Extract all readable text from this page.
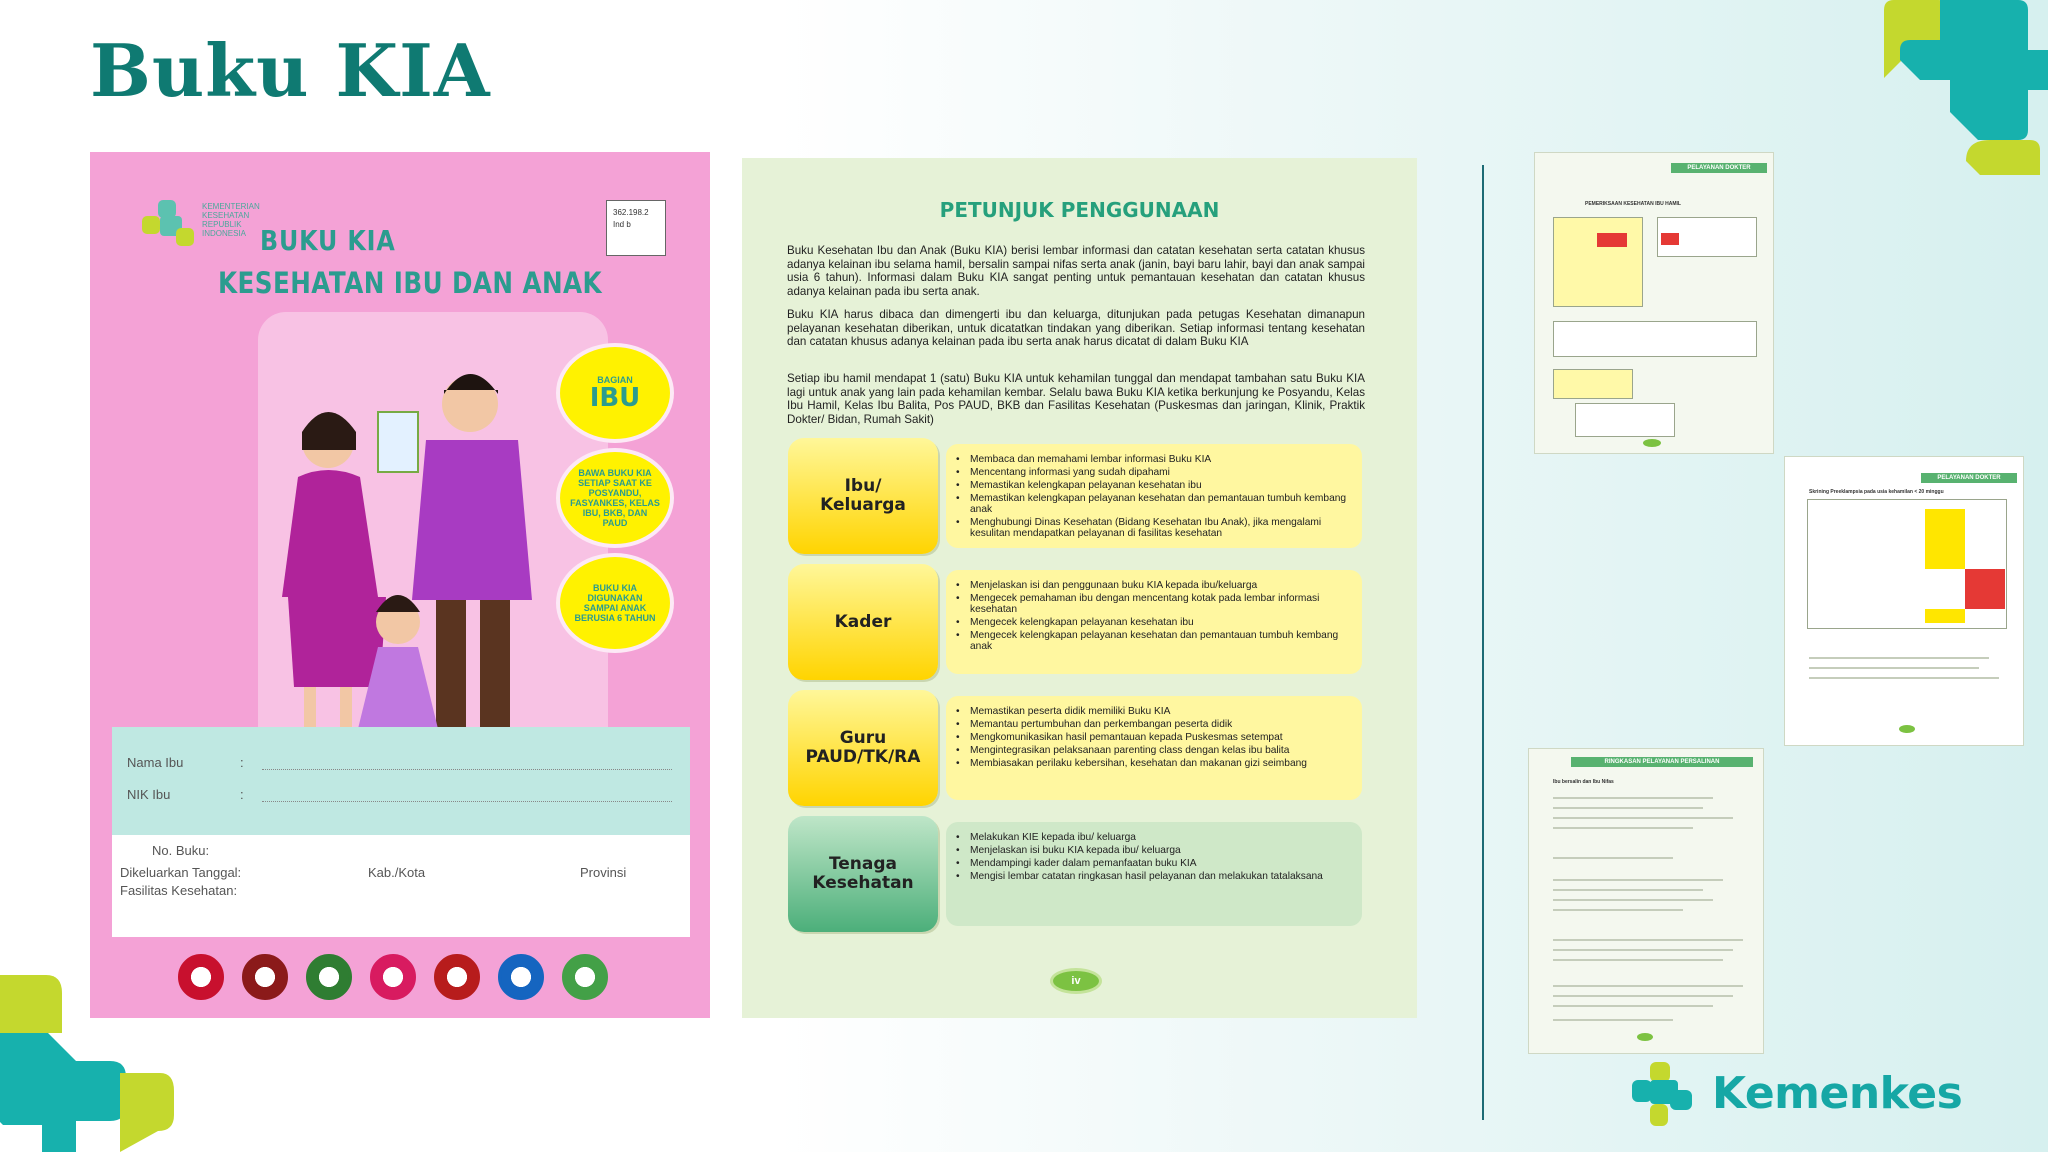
Buku KIA
KEMENTERIAN KESEHATAN REPUBLIK INDONESIA
362.198.2 Ind b
BUKU KIA
KESEHATAN IBU DAN ANAK
BAGIAN
IBU
BAWA BUKU KIA SETIAP SAAT KE POSYANDU, FASYANKES, KELAS IBU, BKB, DAN PAUD
BUKU KIA DIGUNAKAN SAMPAI ANAK BERUSIA 6 TAHUN
Nama Ibu	:
NIK Ibu	:
No. Buku:
Dikeluarkan Tanggal:	Kab./Kota	Provinsi
Fasilitas Kesehatan:
PETUNJUK PENGGUNAAN

Buku Kesehatan Ibu dan Anak (Buku KIA) berisi lembar informasi dan catatan kesehatan serta catatan khusus adanya kelainan ibu selama hamil, bersalin sampai nifas serta anak (janin, bayi baru lahir, bayi dan anak sampai usia 6 tahun). Informasi dalam Buku KIA sangat penting untuk pemantauan kesehatan dan catatan khusus adanya kelainan pada ibu serta anak.

Buku KIA harus dibaca dan dimengerti ibu dan keluarga, ditunjukan pada petugas Kesehatan dimanapun pelayanan kesehatan diberikan, untuk dicatatkan tindakan yang diberikan. Setiap informasi tentang kesehatan dan catatan khusus adanya kelainan pada ibu serta anak harus dicatat di dalam Buku KIA

Setiap ibu hamil mendapat 1 (satu) Buku KIA untuk kehamilan tunggal dan mendapat tambahan satu Buku KIA lagi untuk anak yang lain pada kehamilan kembar. Selalu bawa Buku KIA ketika berkunjung ke Posyandu, Kelas Ibu Hamil, Kelas Ibu Balita, Pos PAUD, BKB dan Fasilitas Kesehatan (Puskesmas dan jaringan, Klinik, Praktik Dokter/ Bidan, Rumah Sakit)

Ibu/
Keluarga
• Membaca dan memahami lembar informasi Buku KIA
• Mencentang informasi yang sudah dipahami
• Memastikan kelengkapan pelayanan kesehatan ibu
• Memastikan kelengkapan pelayanan kesehatan dan pemantauan tumbuh kembang anak
• Menghubungi Dinas Kesehatan (Bidang Kesehatan Ibu Anak), jika mengalami kesulitan mendapatkan pelayanan di fasilitas kesehatan
Kader
• Menjelaskan isi dan penggunaan buku KIA kepada ibu/keluarga
• Mengecek pemahaman ibu dengan mencentang kotak pada lembar informasi kesehatan
• Mengecek kelengkapan pelayanan kesehatan ibu
• Mengecek kelengkapan pelayanan kesehatan dan pemantauan tumbuh kembang anak
Guru
PAUD/TK/RA
• Memastikan peserta didik memiliki Buku KIA
• Memantau pertumbuhan dan perkembangan peserta didik
• Mengkomunikasikan hasil pemantauan kepada Puskesmas setempat
• Mengintegrasikan pelaksanaan parenting class dengan kelas ibu balita
• Membiasakan perilaku kebersihan, kesehatan dan makanan gizi seimbang
Tenaga
Kesehatan
• Melakukan KIE kepada ibu/ keluarga
• Menjelaskan isi buku KIA kepada ibu/ keluarga
• Mendampingi kader dalam pemanfaatan buku KIA
• Mengisi lembar catatan ringkasan hasil pelayanan dan melakukan tatalaksana
iv
PELAYANAN DOKTER
PEMERIKSAAN KESEHATAN IBU HAMIL
PELAYANAN DOKTER
Skrining Preeklampsia pada usia kehamilan < 20 minggu
RINGKASAN PELAYANAN PERSALINAN
Ibu bersalin dan Ibu Nifas
Kemenkes
